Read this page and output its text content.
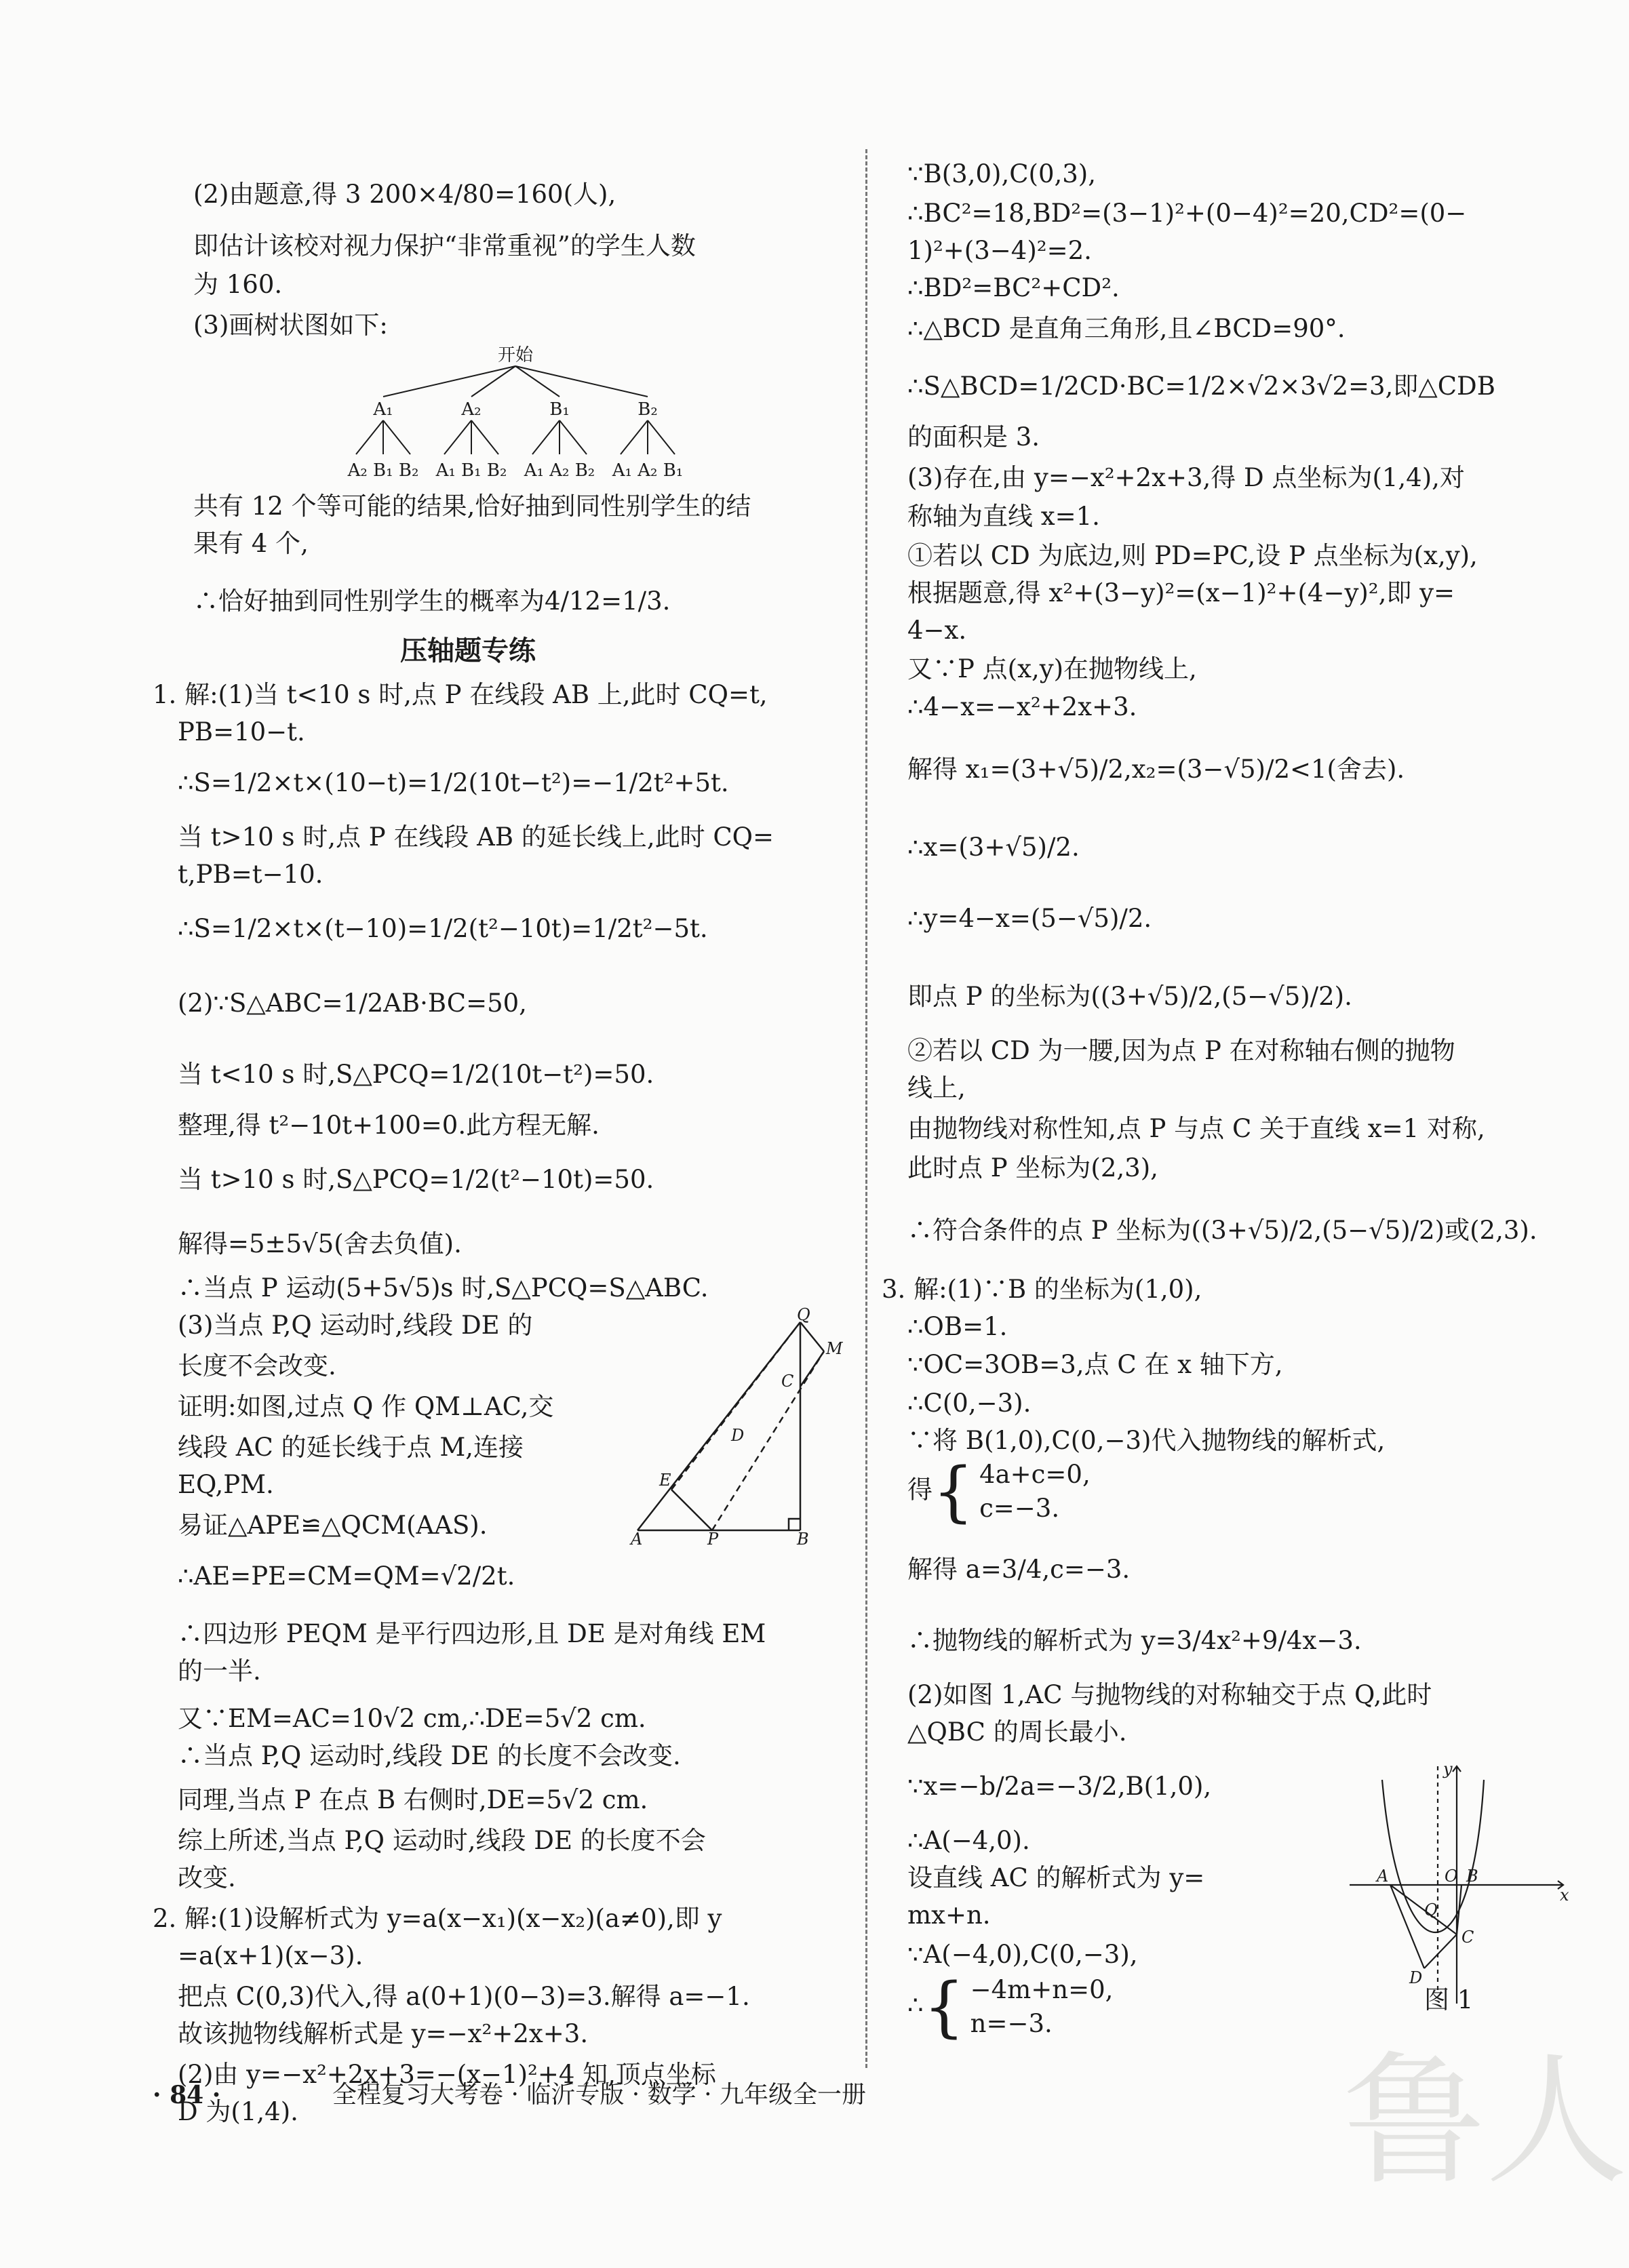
鲁人
(2)由题意,得 3 200×4/80=160(人),
即估计该校对视力保护“非常重视”的学生人数
为 160.
(3)画树状图如下:
开始
A₁	A₂	B₁	B₂
A₂ B₁ B₂ A₁ B₁ B₂ A₁ A₂ B₂ A₁ A₂ B₁
共有 12 个等可能的结果,恰好抽到同性别学生的结
果有 4 个,
∴恰好抽到同性别学生的概率为4/12=1/3.
压轴题专练
1. 解:(1)当 t<10 s 时,点 P 在线段 AB 上,此时 CQ=t,
PB=10−t.
∴S=1/2×t×(10−t)=1/2(10t−t²)=−1/2t²+5t.
当 t>10 s 时,点 P 在线段 AB 的延长线上,此时 CQ=
t,PB=t−10.
∴S=1/2×t×(t−10)=1/2(t²−10t)=1/2t²−5t.
(2)∵S△ABC=1/2AB·BC=50,
当 t<10 s 时,S△PCQ=1/2(10t−t²)=50.
整理,得 t²−10t+100=0.此方程无解.
当 t>10 s 时,S△PCQ=1/2(t²−10t)=50.
解得=5±5√5(舍去负值).
∴当点 P 运动(5+5√5)s 时,S△PCQ=S△ABC.
(3)当点 P,Q 运动时,线段 DE 的
长度不会改变.
证明:如图,过点 Q 作 QM⊥AC,交
线段 AC 的延长线于点 M,连接
EQ,PM.
易证△APE≌△QCM(AAS).
Q
M
C
D
E
A	P	B
∴AE=PE=CM=QM=√2/2t.
∴四边形 PEQM 是平行四边形,且 DE 是对角线 EM
的一半.
又∵EM=AC=10√2 cm,∴DE=5√2 cm.
∴当点 P,Q 运动时,线段 DE 的长度不会改变.
同理,当点 P 在点 B 右侧时,DE=5√2 cm.
综上所述,当点 P,Q 运动时,线段 DE 的长度不会
改变.
2. 解:(1)设解析式为 y=a(x−x₁)(x−x₂)(a≠0),即 y
=a(x+1)(x−3).
把点 C(0,3)代入,得 a(0+1)(0−3)=3.解得 a=−1.
故该抛物线解析式是 y=−x²+2x+3.
(2)由 y=−x²+2x+3=−(x−1)²+4 知,顶点坐标
D 为(1,4).
∵B(3,0),C(0,3),
∴BC²=18,BD²=(3−1)²+(0−4)²=20,CD²=(0−
1)²+(3−4)²=2.
∴BD²=BC²+CD².
∴△BCD 是直角三角形,且∠BCD=90°.
∴S△BCD=1/2CD·BC=1/2×√2×3√2=3,即△CDB
的面积是 3.
(3)存在,由 y=−x²+2x+3,得 D 点坐标为(1,4),对
称轴为直线 x=1.
①若以 CD 为底边,则 PD=PC,设 P 点坐标为(x,y),
根据题意,得 x²+(3−y)²=(x−1)²+(4−y)²,即 y=
4−x.
又∵P 点(x,y)在抛物线上,
∴4−x=−x²+2x+3.
解得 x₁=(3+√5)/2,x₂=(3−√5)/2<1(舍去).
∴x=(3+√5)/2.
∴y=4−x=(5−√5)/2.
即点 P 的坐标为((3+√5)/2,(5−√5)/2).
②若以 CD 为一腰,因为点 P 在对称轴右侧的抛物
线上,
由抛物线对称性知,点 P 与点 C 关于直线 x=1 对称,
此时点 P 坐标为(2,3),
∴符合条件的点 P 坐标为((3+√5)/2,(5−√5)/2)或(2,3).
3. 解:(1)∵B 的坐标为(1,0),
∴OB=1.
∵OC=3OB=3,点 C 在 x 轴下方,
∴C(0,−3).
∵将 B(1,0),C(0,−3)代入抛物线的解析式,
得{ 4a+c=0,
c=−3.
解得 a=3/4,c=−3.
∴抛物线的解析式为 y=3/4x²+9/4x−3.
(2)如图 1,AC 与抛物线的对称轴交于点 Q,此时
△QBC 的周长最小.
∵x=−b/2a=−3/2,B(1,0),
∴A(−4,0).
设直线 AC 的解析式为 y=
mx+n.
∵A(−4,0),C(0,−3),
∴{ −4m+n=0,
n=−3.
y
x
A	O B
Q
C
D
图 1
· 84 ·	全程复习大考卷 · 临沂专版 · 数学 · 九年级全一册
